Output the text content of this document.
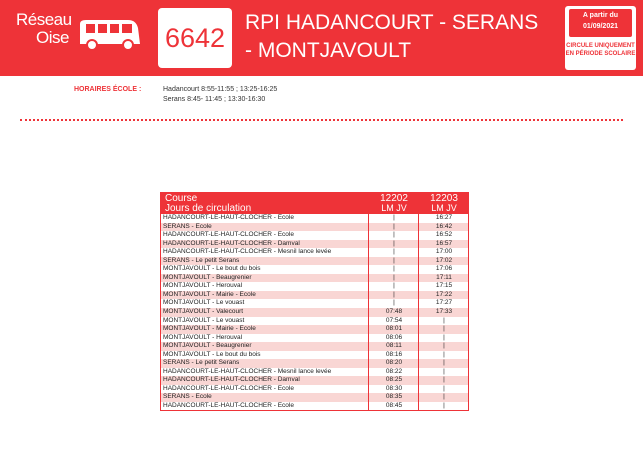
Réseau
Oise	6642
RPI HADANCOURT - SERANS
- MONTJAVOULT
A partir du 01/09/2021
CIRCULE UNIQUEMENT EN PÉRIODE SCOLAIRE
HORAIRES ÉCOLE :	Hadancourt 8:55-11:55 ; 13:25-16:25
Serans 8:45- 11:45 ; 13:30-16:30
Course
Jours de circulation
12202
LM JV
12203
LM JV
HADANCOURT-LE-HAUT-CLOCHER - Ecole	|	16:27
SERANS - Ecole	|	16:42
HADANCOURT-LE-HAUT-CLOCHER - Ecole	|	16:52
HADANCOURT-LE-HAUT-CLOCHER - Damval	|	16:57
HADANCOURT-LE-HAUT-CLOCHER - Mesnil lance levée	|	17:00
SERANS - Le petit Serans	|	17:02
MONTJAVOULT - Le bout du bois	|	17:06
MONTJAVOULT - Beaugrenier	|	17:11
MONTJAVOULT - Herouval	|	17:15
MONTJAVOULT - Mairie - Ecole	|	17:22
MONTJAVOULT - Le vouast	|	17:27
MONTJAVOULT - Valecourt	07:48	17:33
MONTJAVOULT - Le vouast	07:54	|
MONTJAVOULT - Mairie - Ecole	08:01	|
MONTJAVOULT - Herouval	08:06	|
MONTJAVOULT - Beaugrenier	08:11	|
MONTJAVOULT - Le bout du bois	08:16	|
SERANS - Le petit Serans	08:20	|
HADANCOURT-LE-HAUT-CLOCHER - Mesnil lance levée	08:22	|
HADANCOURT-LE-HAUT-CLOCHER - Damval	08:25	|
HADANCOURT-LE-HAUT-CLOCHER - Ecole	08:30	|
SERANS - Ecole	08:35	|
HADANCOURT-LE-HAUT-CLOCHER - Ecole	08:45	|
